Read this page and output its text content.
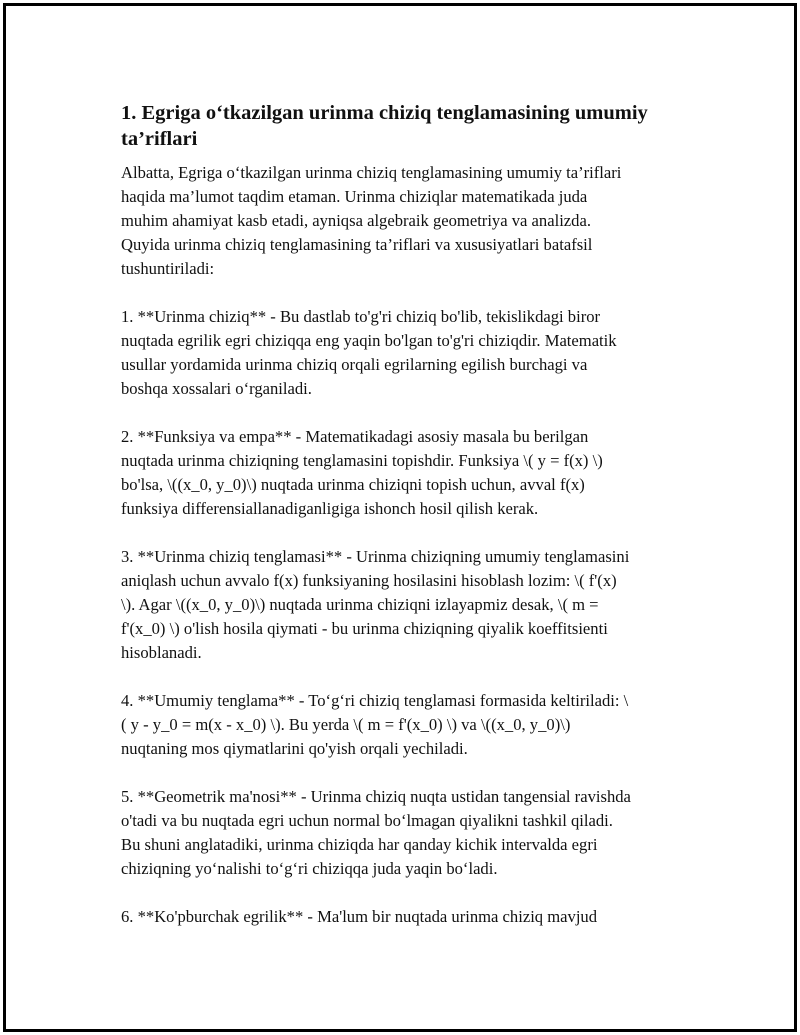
1. Egriga o‘tkazilgan urinma chiziq tenglamasining umumiy
ta’riflari
Albatta, Egriga o‘tkazilgan urinma chiziq tenglamasining umumiy ta’riflari
haqida ma’lumot taqdim etaman. Urinma chiziqlar matematikada juda
muhim ahamiyat kasb etadi, ayniqsa algebraik geometriya va analizda.
Quyida urinma chiziq tenglamasining ta’riflari va xususiyatlari batafsil
tushuntiriladi:
1. **Urinma chiziq** - Bu dastlab to'g'ri chiziq bo'lib, tekislikdagi biror
nuqtada egrilik egri chiziqqa eng yaqin bo'lgan to'g'ri chiziqdir. Matematik
usullar yordamida urinma chiziq orqali egrilarning egilish burchagi va
boshqa xossalari o‘rganiladi.
2. **Funksiya va empa** - Matematikadagi asosiy masala bu berilgan
nuqtada urinma chiziqning tenglamasini topishdir. Funksiya \( y = f(x) \)
bo'lsa, \((x_0, y_0)\) nuqtada urinma chiziqni topish uchun, avval f(x)
funksiya differensiallanadiganligiga ishonch hosil qilish kerak.
3. **Urinma chiziq tenglamasi** - Urinma chiziqning umumiy tenglamasini
aniqlash uchun avvalo f(x) funksiyaning hosilasini hisoblash lozim: \( f'(x)
\). Agar \((x_0, y_0)\) nuqtada urinma chiziqni izlayapmiz desak, \( m =
f'(x_0) \) o'lish hosila qiymati - bu urinma chiziqning qiyalik koeffitsienti
hisoblanadi.
4. **Umumiy tenglama** - To‘g‘ri chiziq tenglamasi formasida keltiriladi: \
( y - y_0 = m(x - x_0) \). Bu yerda \( m = f'(x_0) \) va \((x_0, y_0)\)
nuqtaning mos qiymatlarini qo'yish orqali yechiladi.
5. **Geometrik ma'nosi** - Urinma chiziq nuqta ustidan tangensial ravishda
o'tadi va bu nuqtada egri uchun normal bo‘lmagan qiyalikni tashkil qiladi.
Bu shuni anglatadiki, urinma chiziqda har qanday kichik intervalda egri
chiziqning yo‘nalishi to‘g‘ri chiziqqa juda yaqin bo‘ladi.
6. **Ko'pburchak egrilik** - Ma'lum bir nuqtada urinma chiziq mavjud
